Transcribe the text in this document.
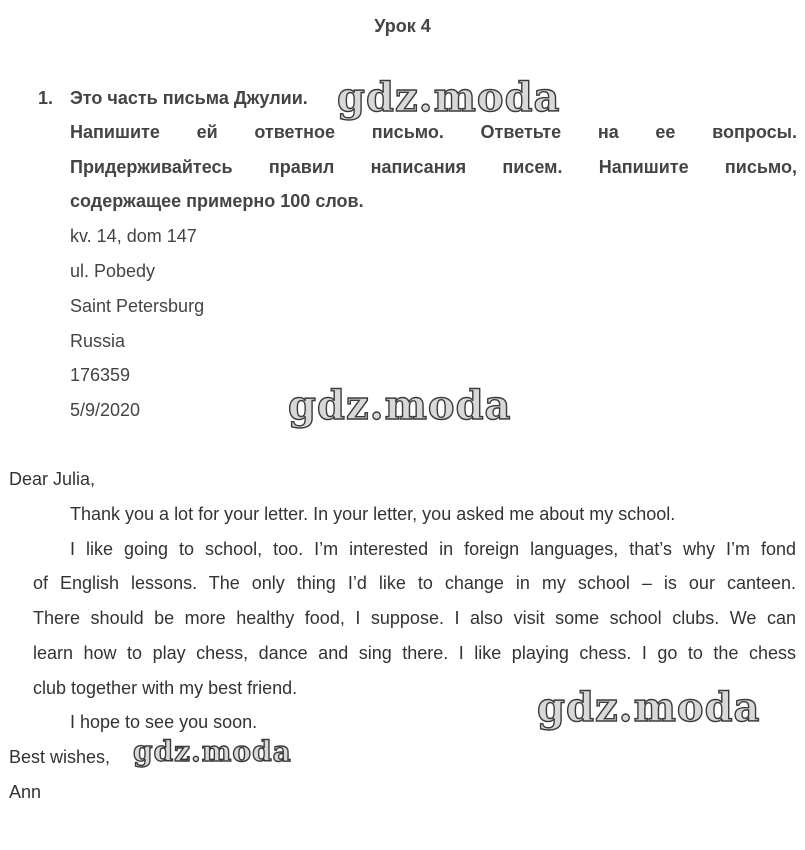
Урок 4
1. Это часть письма Джулии.
Напишите ей ответное письмо. Ответьте на ее вопросы.
Придерживайтесь правил написания писем. Напишите письмо,
содержащее примерно 100 слов.
kv. 14, dom 147
ul. Pobedy
Saint Petersburg
Russia
176359
5/9/2020
Dear Julia,
Thank you a lot for your letter. In your letter, you asked me about my school.
I like going to school, too. I’m interested in foreign languages, that’s why I’m fond
of English lessons. The only thing I’d like to change in my school – is our canteen.
There should be more healthy food, I suppose. I also visit some school clubs. We can
learn how to play chess, dance and sing there. I like playing chess. I go to the chess
club together with my best friend.
I hope to see you soon.
Best wishes,
Ann
gdz.moda
gdz.moda
gdz.moda
gdz.moda
